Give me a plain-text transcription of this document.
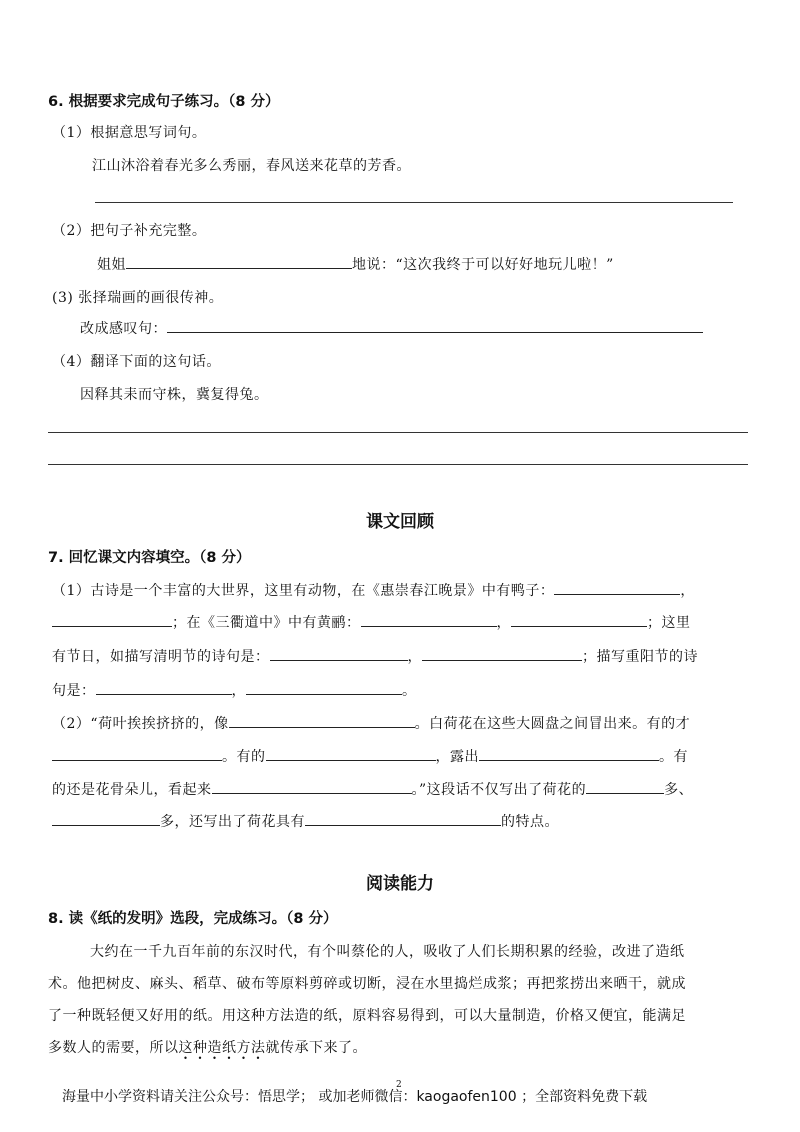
6. 根据要求完成句子练习。（8 分）
（1）根据意思写词句。
江山沐浴着春光多么秀丽，春风送来花草的芳香。
（2）把句子补充完整。
姐姐	地说：“这次我终于可以好好地玩儿啦！”
(3) 张择瑞画的画很传神。
改成感叹句：
（4）翻译下面的这句话。
因释其耒而守株，冀复得兔。
课文回顾
7. 回忆课文内容填空。（8 分）
（1）古诗是一个丰富的大世界，这里有动物，在《惠崇春江晚景》中有鸭子：	，
；在《三衢道中》中有黄鹂：	，	；这里
有节日，如描写清明节的诗句是：	，	；描写重阳节的诗
句是：	，	。
（2）“荷叶挨挨挤挤的，像	。白荷花在这些大圆盘之间冒出来。有的才
。有的	，露出	。有
的还是花骨朵儿，看起来	。”这段话不仅写出了荷花的	多、
多，还写出了荷花具有	的特点。
阅读能力
8. 读《纸的发明》选段，完成练习。（8 分）
大约在一千九百年前的东汉时代，有个叫蔡伦的人，吸收了人们长期积累的经验，改进了造纸
术。他把树皮、麻头、稻草、破布等原料剪碎或切断，浸在水里捣烂成浆；再把浆捞出来晒干，就成
了一种既轻便又好用的纸。用这种方法造的纸，原料容易得到，可以大量制造，价格又便宜，能满足
多数人的需要，所以这种造纸方法就传承下来了。
海量中小学资料请关注公众号：悟思学； 或加老师微信：kaogaofen100 ；全部资料免费下载
2
